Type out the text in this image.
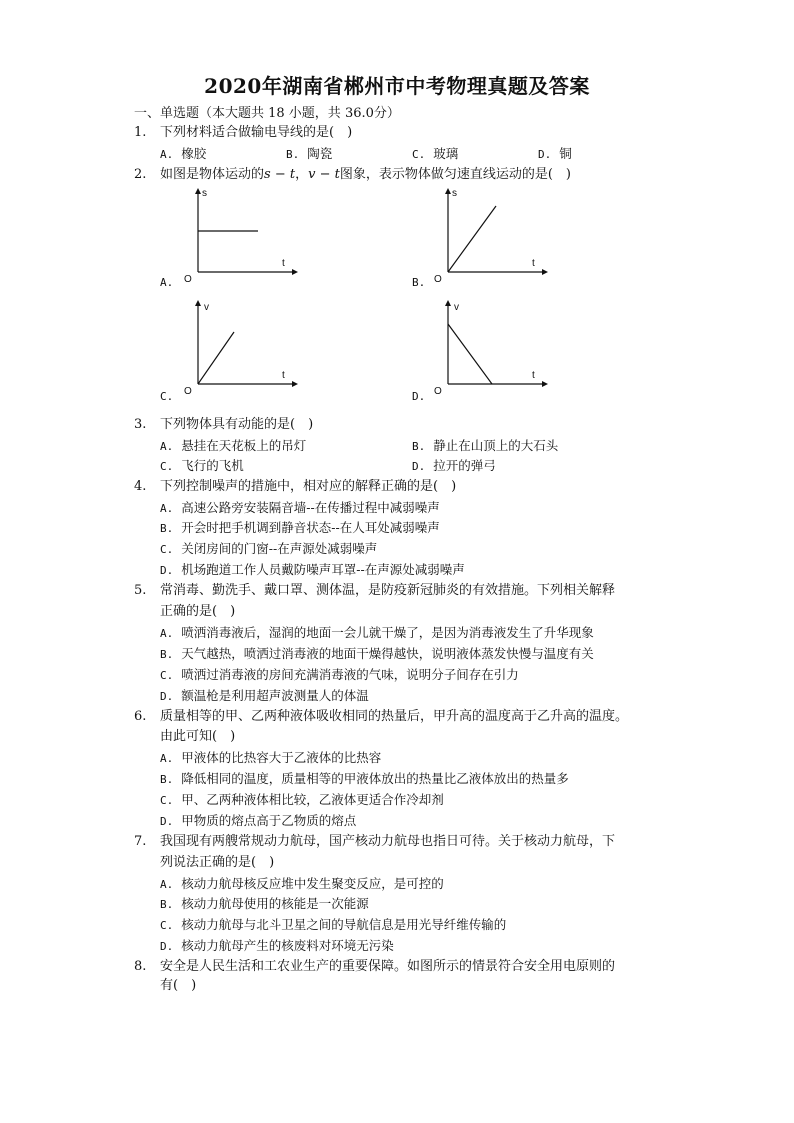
2020年湖南省郴州市中考物理真题及答案
一、单选题（本大题共 18 小题，共 36.0分）
1. 下列材料适合做输电导线的是(　)
A. 橡胶	B. 陶瓷	C. 玻璃	D. 铜
2. 如图是物体运动的s − t，v − t图象，表示物体做匀速直线运动的是(　)
s
t
O
A.
s
t
O
B.
v
t
O
C.
v
t
O
D.
3. 下列物体具有动能的是(　)
A. 悬挂在天花板上的吊灯	B. 静止在山顶上的大石头
C. 飞行的飞机	D. 拉开的弹弓
4. 下列控制噪声的措施中，相对应的解释正确的是(　)
A. 高速公路旁安装隔音墙--在传播过程中减弱噪声
B. 开会时把手机调到静音状态--在人耳处减弱噪声
C. 关闭房间的门窗--在声源处减弱噪声
D. 机场跑道工作人员戴防噪声耳罩--在声源处减弱噪声
5. 常消毒、勤洗手、戴口罩、测体温，是防疫新冠肺炎的有效措施。下列相关解释
正确的是(　)
A. 喷洒消毒液后，湿润的地面一会儿就干燥了，是因为消毒液发生了升华现象
B. 天气越热，喷洒过消毒液的地面干燥得越快，说明液体蒸发快慢与温度有关
C. 喷洒过消毒液的房间充满消毒液的气味，说明分子间存在引力
D. 额温枪是利用超声波测量人的体温
6. 质量相等的甲、乙两种液体吸收相同的热量后，甲升高的温度高于乙升高的温度。
由此可知(　)
A. 甲液体的比热容大于乙液体的比热容
B. 降低相同的温度，质量相等的甲液体放出的热量比乙液体放出的热量多
C. 甲、乙两种液体相比较，乙液体更适合作冷却剂
D. 甲物质的熔点高于乙物质的熔点
7. 我国现有两艘常规动力航母，国产核动力航母也指日可待。关于核动力航母，下
列说法正确的是(　)
A. 核动力航母核反应堆中发生聚变反应，是可控的
B. 核动力航母使用的核能是一次能源
C. 核动力航母与北斗卫星之间的导航信息是用光导纤维传输的
D. 核动力航母产生的核废料对环境无污染
8. 安全是人民生活和工农业生产的重要保障。如图所示的情景符合安全用电原则的
有(　)
